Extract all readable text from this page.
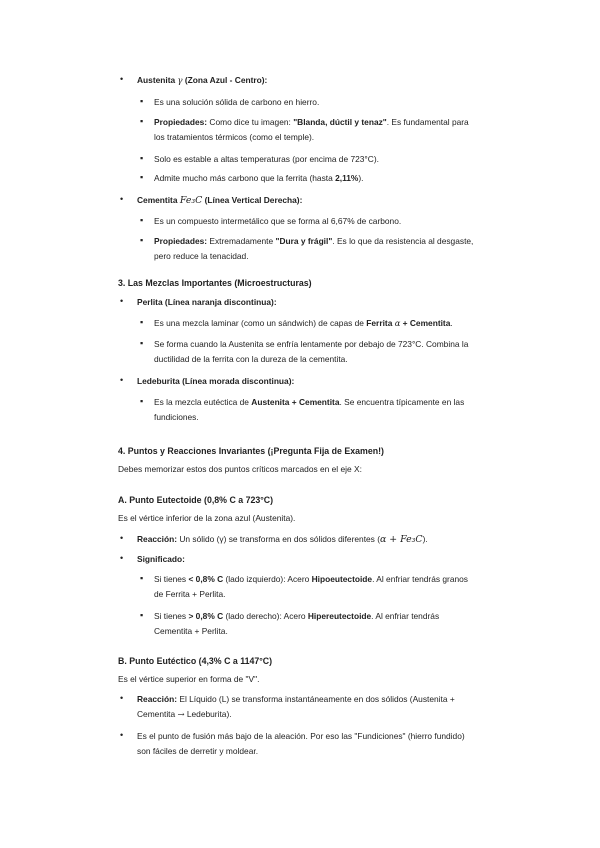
• Austenita γ (Zona Azul - Centro):
▪ Es una solución sólida de carbono en hierro.
▪ Propiedades: Como dice tu imagen: "Blanda, dúctil y tenaz". Es fundamental para
los tratamientos térmicos (como el temple).
▪ Solo es estable a altas temperaturas (por encima de 723°C).
▪ Admite mucho más carbono que la ferrita (hasta 2,11%).
• Cementita Fe₃C (Línea Vertical Derecha):
▪ Es un compuesto intermetálico que se forma al 6,67% de carbono.
▪ Propiedades: Extremadamente "Dura y frágil". Es lo que da resistencia al desgaste,
pero reduce la tenacidad.
3. Las Mezclas Importantes (Microestructuras)
• Perlita (Línea naranja discontinua):
▪ Es una mezcla laminar (como un sándwich) de capas de Ferrita α + Cementita.
▪ Se forma cuando la Austenita se enfría lentamente por debajo de 723°C. Combina la
ductilidad de la ferrita con la dureza de la cementita.
• Ledeburita (Línea morada discontinua):
▪ Es la mezcla eutéctica de Austenita + Cementita. Se encuentra típicamente en las
fundiciones.
4. Puntos y Reacciones Invariantes (¡Pregunta Fija de Examen!)
Debes memorizar estos dos puntos críticos marcados en el eje X:
A. Punto Eutectoide (0,8% C a 723°C)
Es el vértice inferior de la zona azul (Austenita).
• Reacción: Un sólido (γ) se transforma en dos sólidos diferentes (α + Fe₃C).
• Significado:
▪ Si tienes < 0,8% C (lado izquierdo): Acero Hipoeutectoide. Al enfriar tendrás granos
de Ferrita + Perlita.
▪ Si tienes > 0,8% C (lado derecho): Acero Hipereutectoide. Al enfriar tendrás
Cementita + Perlita.
B. Punto Eutéctico (4,3% C a 1147°C)
Es el vértice superior en forma de "V".
• Reacción: El Líquido (L) se transforma instantáneamente en dos sólidos (Austenita +
Cementita → Ledeburita).
• Es el punto de fusión más bajo de la aleación. Por eso las "Fundiciones" (hierro fundido)
son fáciles de derretir y moldear.
